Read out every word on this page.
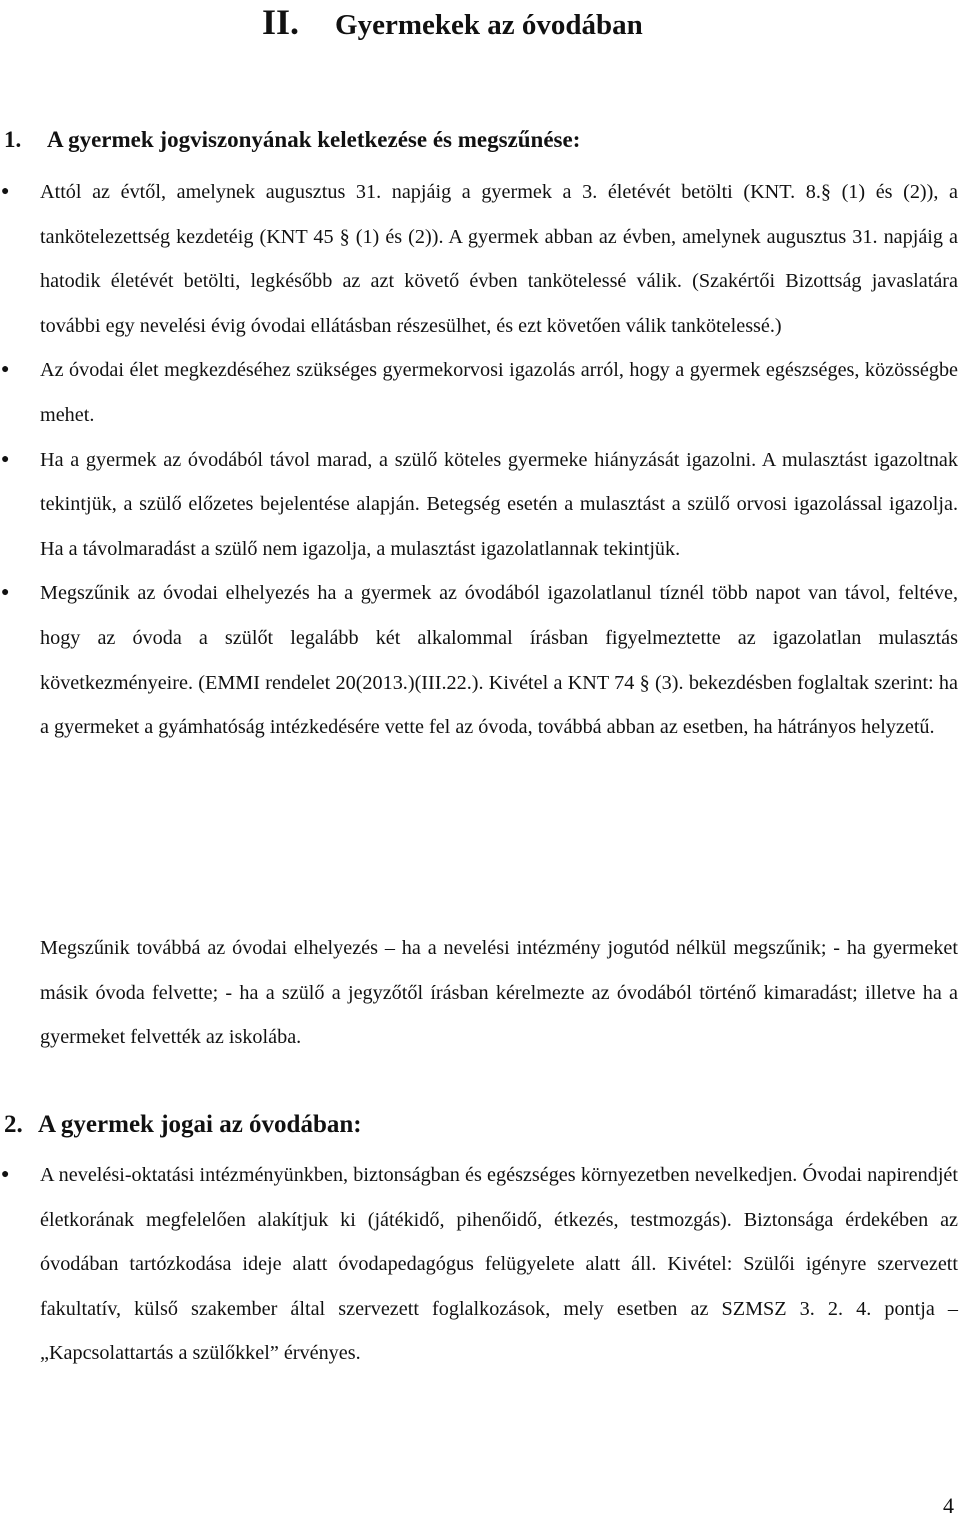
II. Gyermekek az óvodában
1. A gyermek jogviszonyának keletkezése és megszűnése:
● Attól az évtől, amelynek augusztus 31. napjáig a gyermek a 3. életévét betölti (KNT. 8.§ (1) és (2)), a tankötelezettség kezdetéig (KNT 45 § (1) és (2)). A gyermek abban az évben, amelynek augusztus 31. napjáig a hatodik életévét betölti, legkésőbb az azt követő évben tankötelessé válik. (Szakértői Bizottság javaslatára további egy nevelési évig óvodai ellátásban részesülhet, és ezt követően válik tankötelessé.)
● Az óvodai élet megkezdéséhez szükséges gyermekorvosi igazolás arról, hogy a gyermek egészséges, közösségbe mehet.
● Ha a gyermek az óvodából távol marad, a szülő köteles gyermeke hiányzását igazolni. A mulasztást igazoltnak tekintjük, a szülő előzetes bejelentése alapján. Betegség esetén a mulasztást a szülő orvosi igazolással igazolja. Ha a távolmaradást a szülő nem igazolja, a mulasztást igazolatlannak tekintjük.
● Megszűnik az óvodai elhelyezés ha a gyermek az óvodából igazolatlanul tíznél több napot van távol, feltéve, hogy az óvoda a szülőt legalább két alkalommal írásban figyelmeztette az igazolatlan mulasztás következményeire. (EMMI rendelet 20(2013.)(III.22.). Kivétel a KNT 74 § (3). bekezdésben foglaltak szerint: ha a gyermeket a gyámhatóság intézkedésére vette fel az óvoda, továbbá abban az esetben, ha hátrányos helyzetű.

Megszűnik továbbá az óvodai elhelyezés – ha a nevelési intézmény jogutód nélkül megszűnik; - ha gyermeket másik óvoda felvette; - ha a szülő a jegyzőtől írásban kérelmezte az óvodából történő kimaradást; illetve ha a gyermeket felvették az iskolába.

2. A gyermek jogai az óvodában:
● A nevelési-oktatási intézményünkben, biztonságban és egészséges környezetben nevelkedjen. Óvodai napirendjét életkorának megfelelően alakítjuk ki (játékidő, pihenőidő, étkezés, testmozgás). Biztonsága érdekében az óvodában tartózkodása ideje alatt óvodapedagógus felügyelete alatt áll. Kivétel: Szülői igényre szervezett fakultatív, külső szakember által szervezett foglalkozások, mely esetben az SZMSZ 3. 2. 4. pontja – „Kapcsolattartás a szülőkkel” érvényes.
4
